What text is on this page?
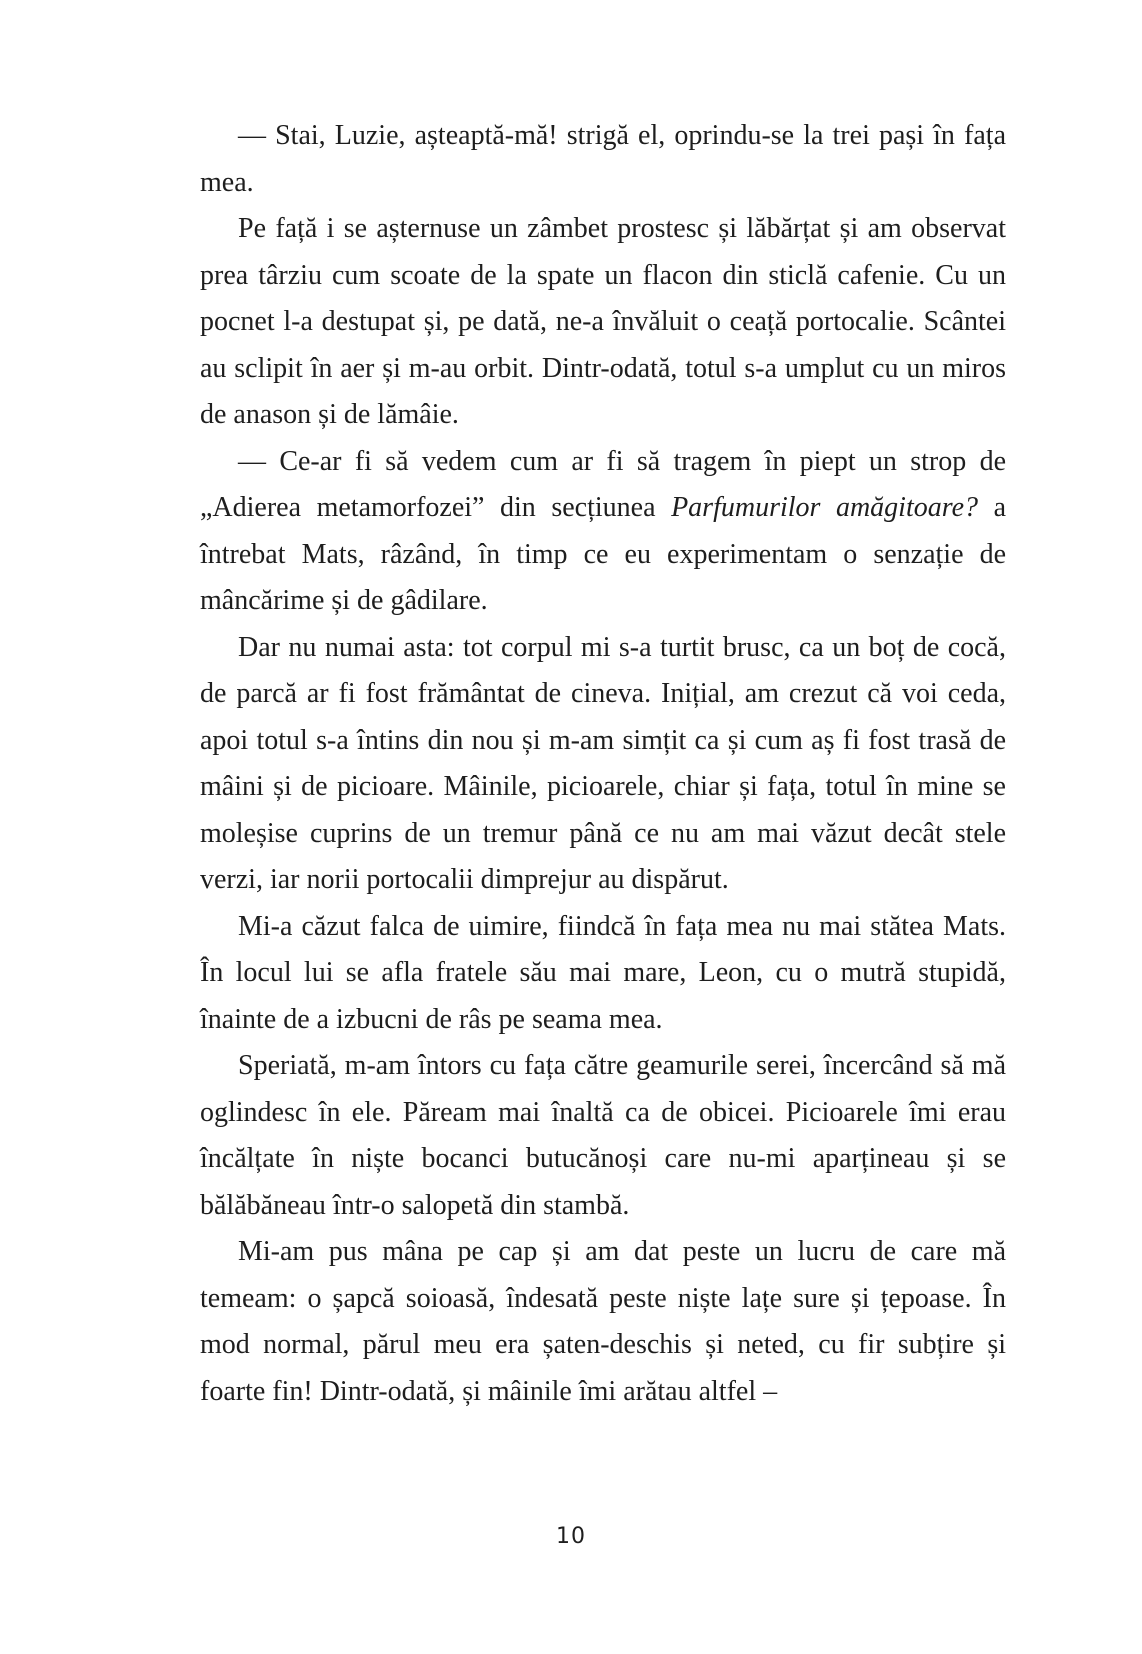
— Stai, Luzie, așteaptă-mă! strigă el, oprindu-se la trei pași în fața mea.

Pe față i se așternuse un zâmbet prostesc și lăbărțat și am observat prea târziu cum scoate de la spate un flacon din sticlă cafenie. Cu un pocnet l-a destupat și, pe dată, ne-a învăluit o ceață portocalie. Scântei au sclipit în aer și m-au orbit. Dintr-odată, totul s-a umplut cu un miros de anason și de lămâie.

— Ce-ar fi să vedem cum ar fi să tragem în piept un strop de „Adierea metamorfozei” din secțiunea Parfumurilor amăgitoare? a întrebat Mats, râzând, în timp ce eu experimentam o senzație de mâncărime și de gâdilare.

Dar nu numai asta: tot corpul mi s-a turtit brusc, ca un boț de cocă, de parcă ar fi fost frământat de cineva. Inițial, am crezut că voi ceda, apoi totul s-a întins din nou și m-am simțit ca și cum aș fi fost trasă de mâini și de picioare. Mâinile, picioarele, chiar și fața, totul în mine se moleșise cuprins de un tremur până ce nu am mai văzut decât stele verzi, iar norii portocalii dimprejur au dispărut.

Mi-a căzut falca de uimire, fiindcă în fața mea nu mai stătea Mats. În locul lui se afla fratele său mai mare, Leon, cu o mutră stupidă, înainte de a izbucni de râs pe seama mea.

Speriată, m-am întors cu fața către geamurile serei, încercând să mă oglindesc în ele. Păream mai înaltă ca de obicei. Picioarele îmi erau încălțate în niște bocanci butucănoși care nu-mi aparțineau și se bălăbăneau într-o salopetă din stambă.

Mi-am pus mâna pe cap și am dat peste un lucru de care mă temeam: o șapcă soioasă, îndesată peste niște lațe sure și țepoase. În mod normal, părul meu era șaten-deschis și neted, cu fir subțire și foarte fin! Dintr-odată, și mâinile îmi arătau altfel –

10
